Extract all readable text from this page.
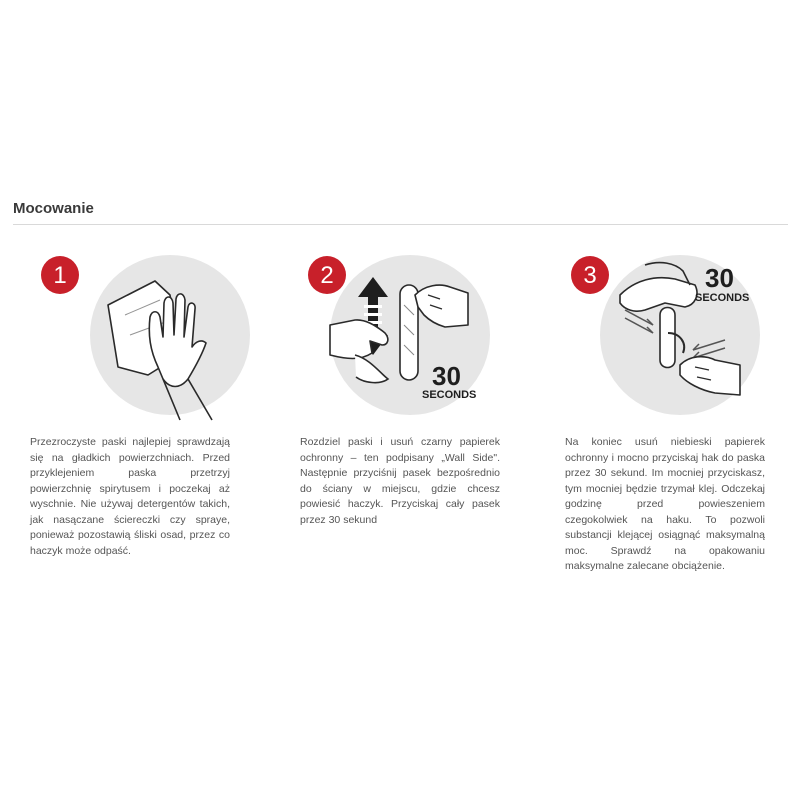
Mocowanie
1

Przezroczyste paski najlepiej sprawdzają się na gładkich powierzchniach. Przed przyklejeniem paska przetrzyj powierzchnię spirytusem i poczekaj aż wyschnie. Nie używaj detergentów takich, jak nasączane ściereczki czy spraye, ponieważ pozostawią śliski osad, przez co haczyk może odpaść.

30
SECONDS
2

Rozdziel paski i usuń czarny papierek ochronny – ten podpisany „Wall Side". Następnie przyciśnij pasek bezpośrednio do ściany w miejscu, gdzie chcesz powiesić haczyk. Przyciskaj cały pasek przez 30 sekund

30
SECONDS
3

Na koniec usuń niebieski papierek ochronny i mocno przyciskaj hak do paska przez 30 sekund. Im mocniej przyciskasz, tym mocniej będzie trzymał klej. Odczekaj godzinę przed powieszeniem czegokolwiek na haku. To pozwoli substancji klejącej osiągnąć maksymalną moc. Sprawdź na opakowaniu maksymalne zalecane obciążenie.
